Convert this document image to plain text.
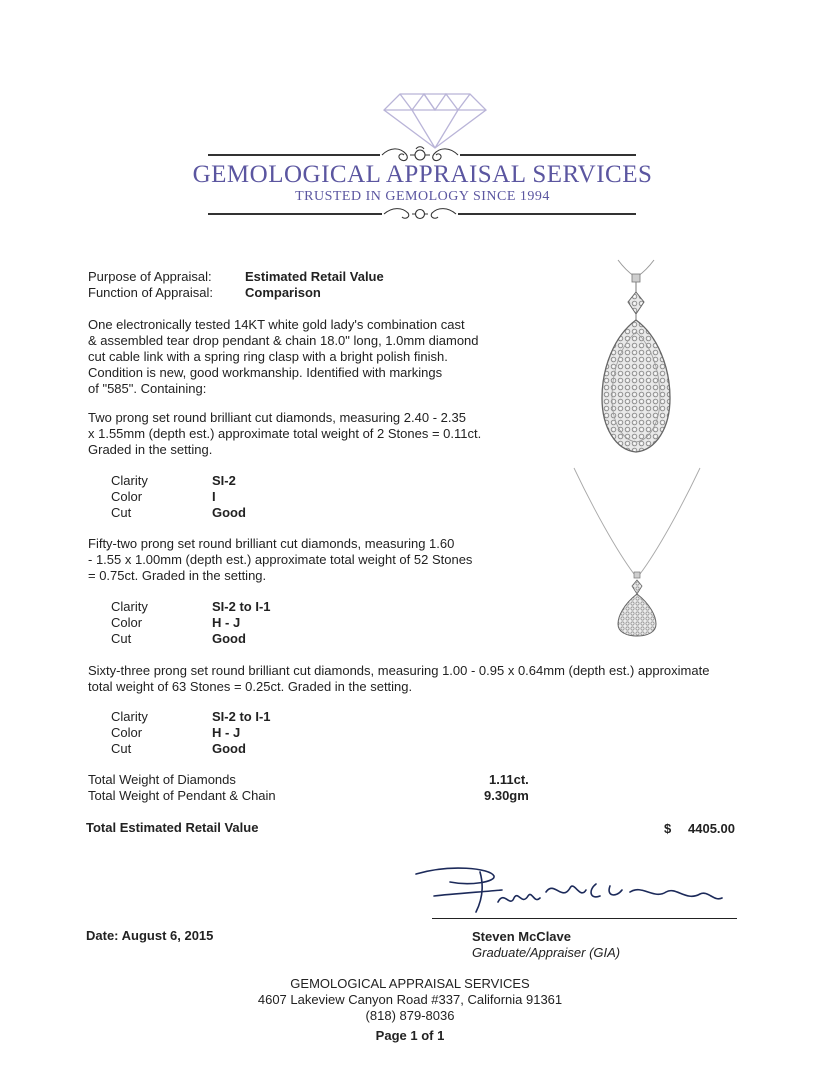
GEMOLOGICAL APPRAISAL SERVICES
TRUSTED IN GEMOLOGY SINCE 1994
Purpose of Appraisal:	Estimated Retail Value
Function of Appraisal: Comparison
One electronically tested 14KT white gold lady's combination cast
& assembled tear drop pendant & chain 18.0" long, 1.0mm diamond
cut cable link with a spring ring clasp with a bright polish finish.
Condition is new, good workmanship. Identified with markings
of "585". Containing:
Two prong set round brilliant cut diamonds, measuring 2.40 - 2.35
x 1.55mm (depth est.) approximate total weight of 2 Stones = 0.11ct.
Graded in the setting.
Clarity	SI-2
Color	I
Cut	Good
Fifty-two prong set round brilliant cut diamonds, measuring 1.60
- 1.55 x 1.00mm (depth est.) approximate total weight of 52 Stones
= 0.75ct. Graded in the setting.
Clarity	SI-2 to I-1
Color	H - J
Cut	Good
Sixty-three prong set round brilliant cut diamonds, measuring 1.00 - 0.95 x 0.64mm (depth est.) approximate
total weight of 63 Stones = 0.25ct. Graded in the setting.
Clarity	SI-2 to I-1
Color	H - J
Cut	Good
Total Weight of Diamonds	1.11ct.
Total Weight of Pendant & Chain	9.30gm
Total Estimated Retail Value	$ 4405.00
Date: August 6, 2015	Steven McClave
Graduate/Appraiser (GIA)
GEMOLOGICAL APPRAISAL SERVICES
4607 Lakeview Canyon Road #337, California 91361
(818) 879-8036
Page 1 of 1
